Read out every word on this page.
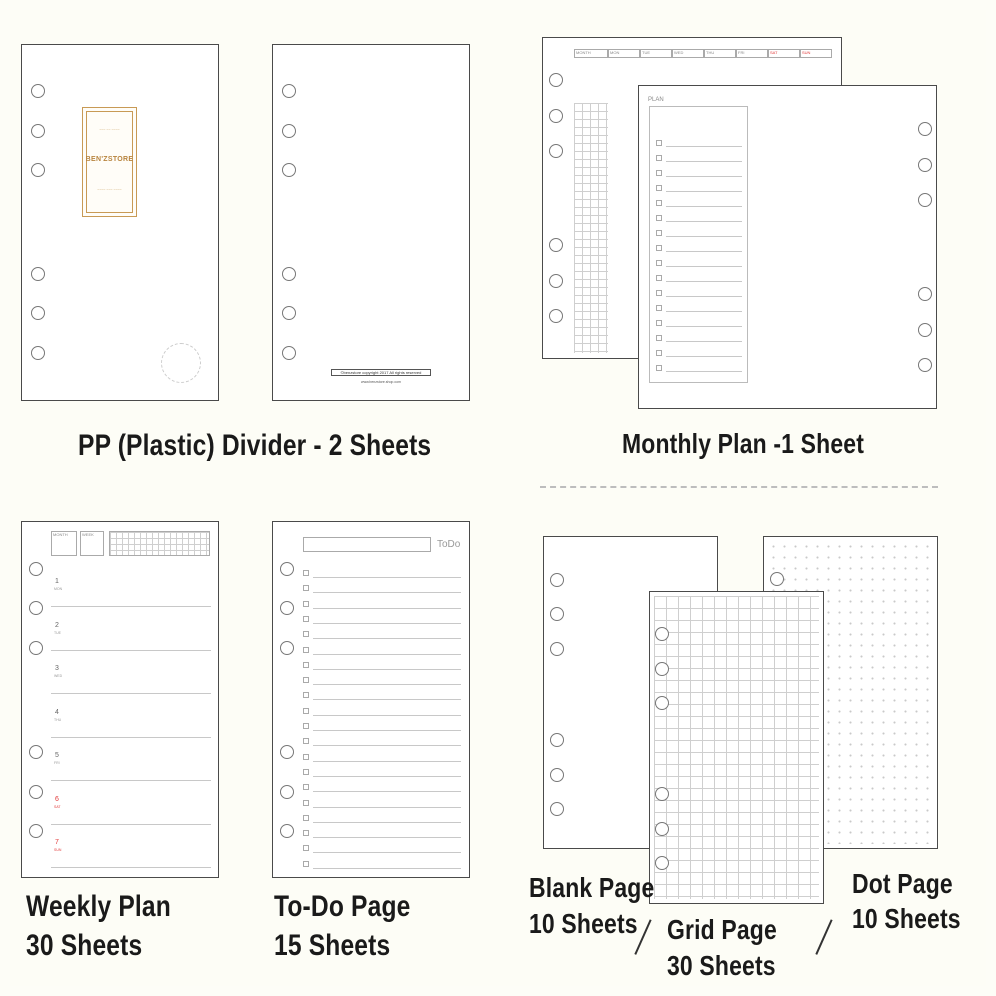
~~~ ~~ ~~~~
BEN'ZSTORE
~~~~ ~~~ ~~~~
©benzstore copyright 2017 All rights reserved
www.benzstore.shop.com
PP (Plastic) Divider - 2 Sheets
MONTH	MON	TUE	WED	THU	FRI	SAT	SUN
PLAN
Monthly Plan -1 Sheet
MONTH	WEEK
1
MON
2
TUE
3
WED
4
THU
5
FRI
6
SAT
7
SUN
Weekly Plan
30 Sheets
ToDo
To-Do Page
15 Sheets
Blank Page
10 Sheets Grid Page
30 Sheets
Dot Page
10 Sheets
